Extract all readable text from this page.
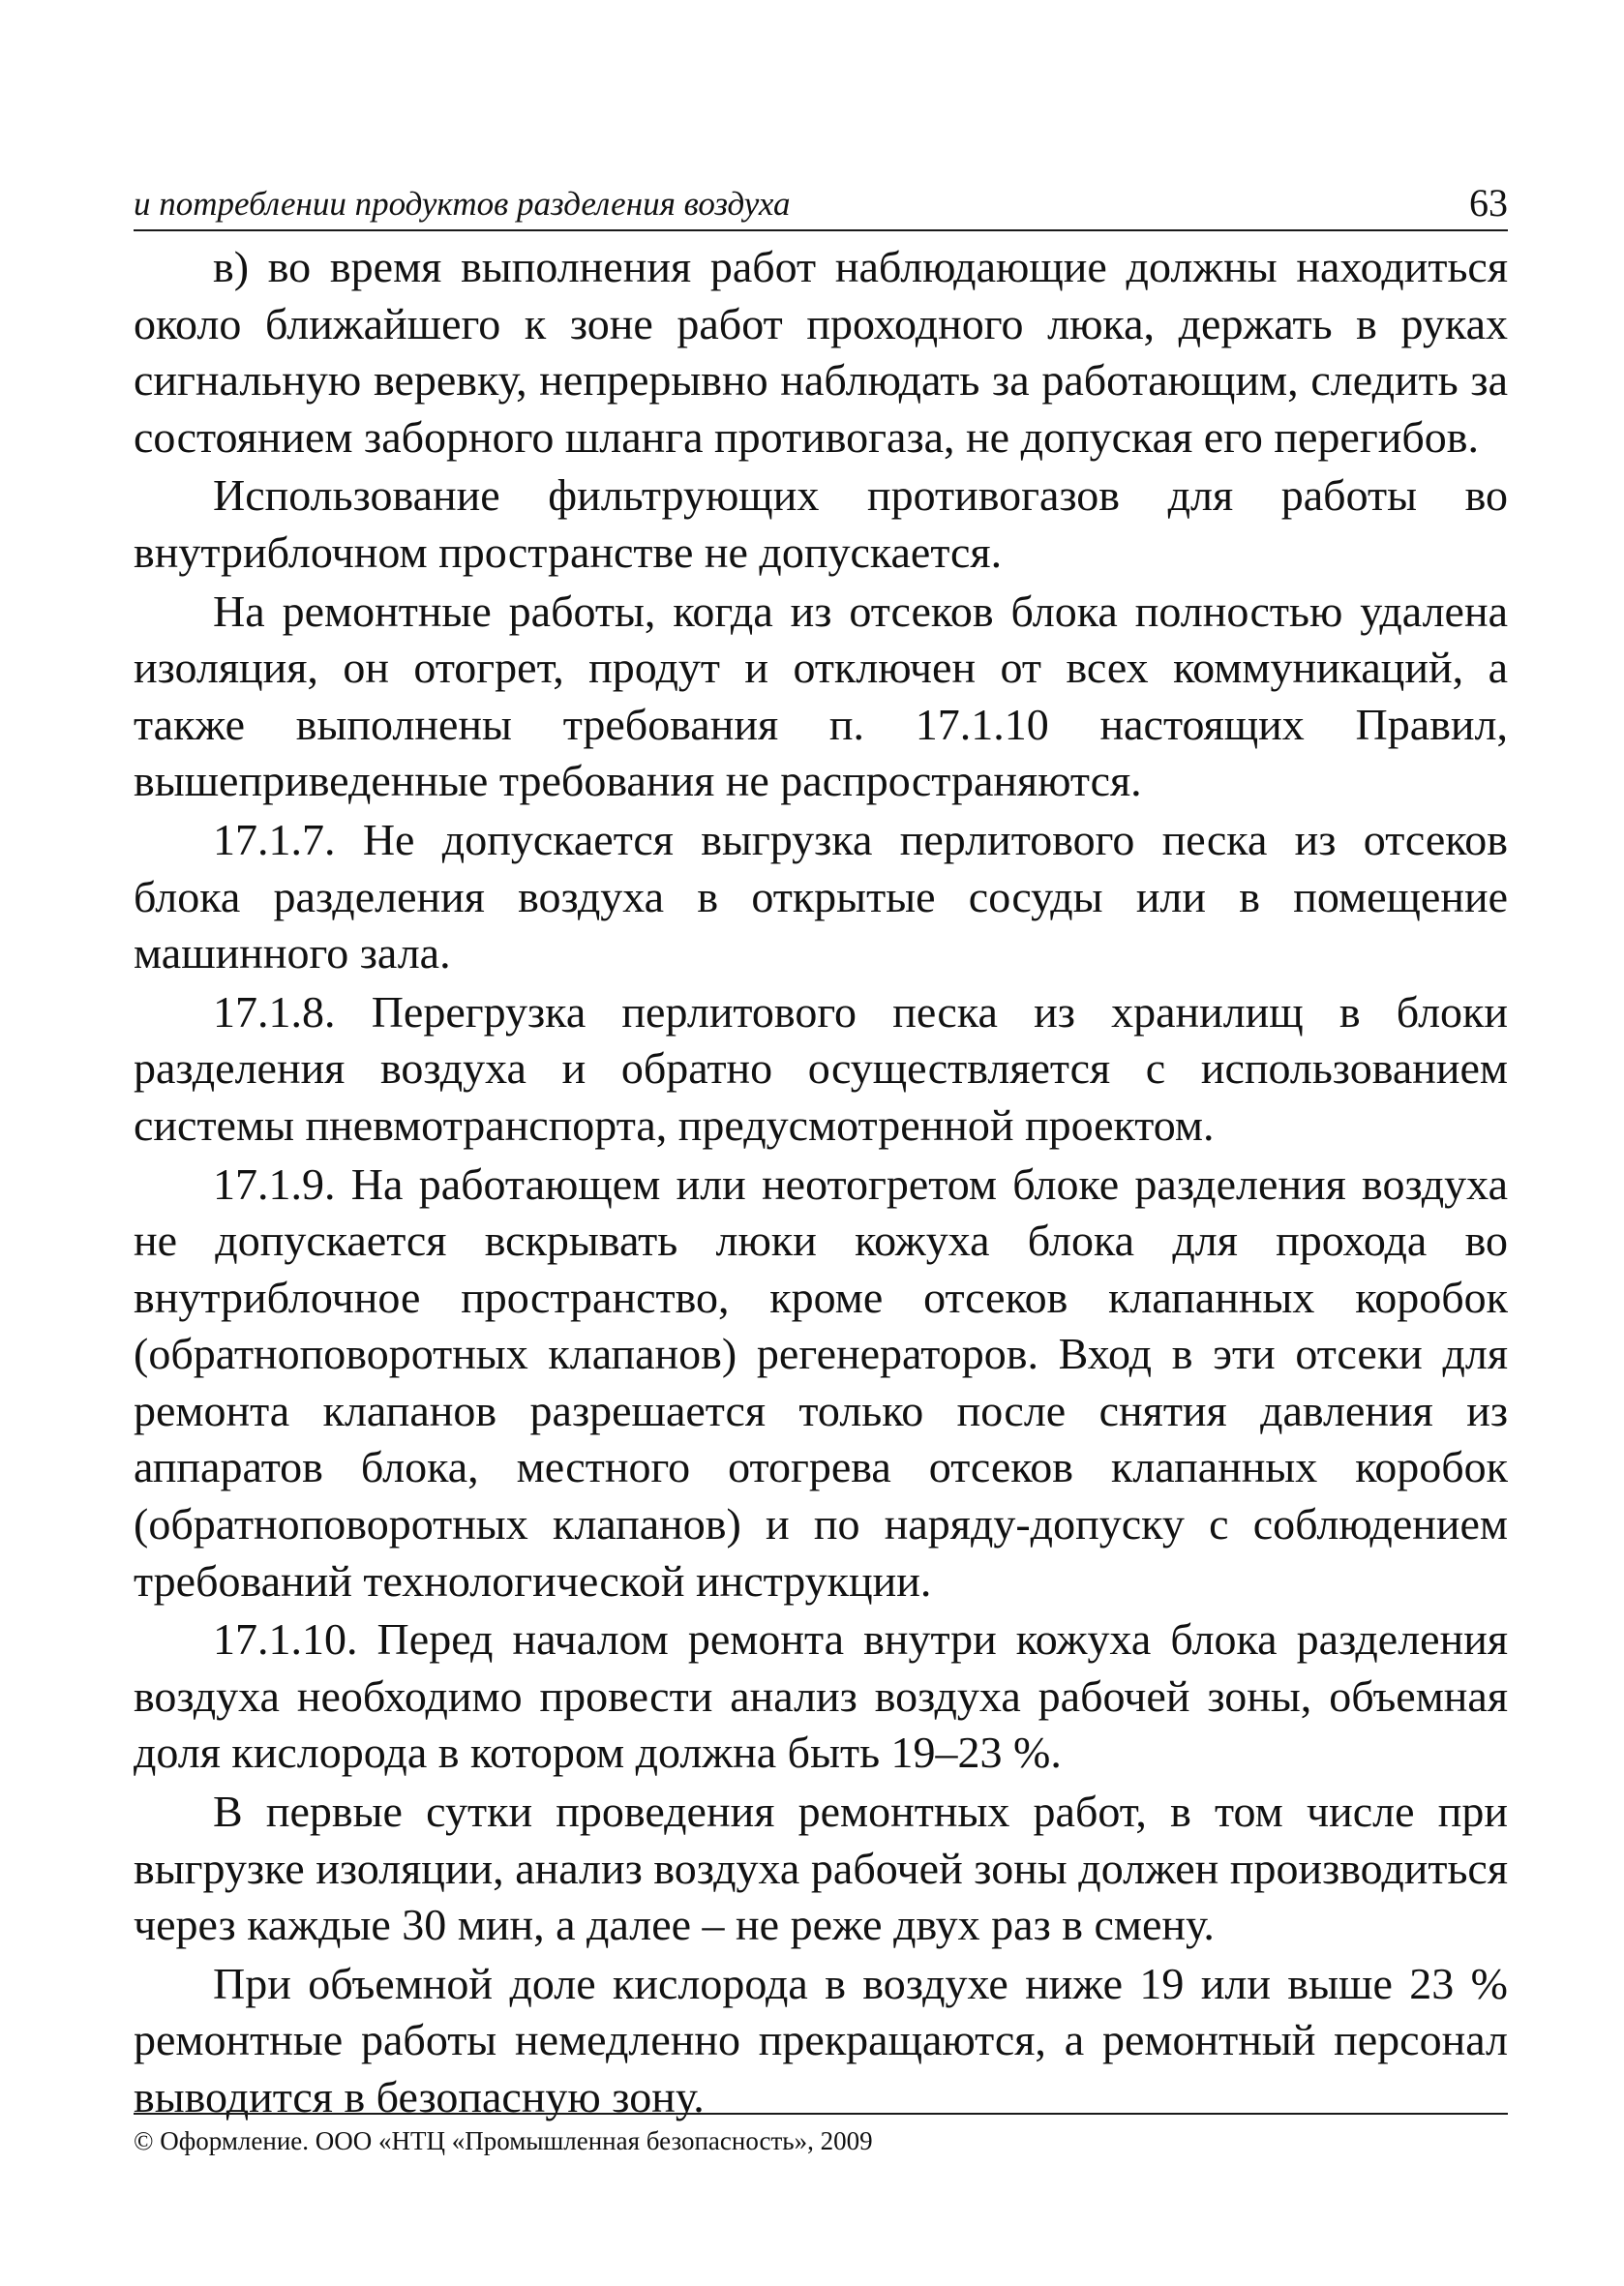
и потреблении продуктов разделения воздуха	63

в) во время выполнения работ наблюдающие должны находиться около ближайшего к зоне работ проходного люка, держать в руках сигнальную веревку, непрерывно наблюдать за работающим, следить за состоянием заборного шланга противогаза, не допуская его перегибов.

Использование фильтрующих противогазов для работы во внутриблочном пространстве не допускается.

На ремонтные работы, когда из отсеков блока полностью удалена изоляция, он отогрет, продут и отключен от всех коммуникаций, а также выполнены требования п. 17.1.10 настоящих Правил, вышеприведенные требования не распространяются.

17.1.7. Не допускается выгрузка перлитового песка из отсеков блока разделения воздуха в открытые сосуды или в помещение машинного зала.

17.1.8. Перегрузка перлитового песка из хранилищ в блоки разделения воздуха и обратно осуществляется с использованием системы пневмотранспорта, предусмотренной проектом.

17.1.9. На работающем или неотогретом блоке разделения воздуха не допускается вскрывать люки кожуха блока для прохода во внутриблочное пространство, кроме отсеков клапанных коробок (обратноповоротных клапанов) регенераторов. Вход в эти отсеки для ремонта клапанов разрешается только после снятия давления из аппаратов блока, местного отогрева отсеков клапанных коробок (обратноповоротных клапанов) и по наряду-допуску с соблюдением требований технологической инструкции.

17.1.10. Перед началом ремонта внутри кожуха блока разделения воздуха необходимо провести анализ воздуха рабочей зоны, объемная доля кислорода в котором должна быть 19–23 %.

В первые сутки проведения ремонтных работ, в том числе при выгрузке изоляции, анализ воздуха рабочей зоны должен производиться через каждые 30 мин, а далее – не реже двух раз в смену.

При объемной доле кислорода в воздухе ниже 19 или выше 23 % ремонтные работы немедленно прекращаются, а ремонтный персонал выводится в безопасную зону.

© Оформление. ООО «НТЦ «Промышленная безопасность», 2009
